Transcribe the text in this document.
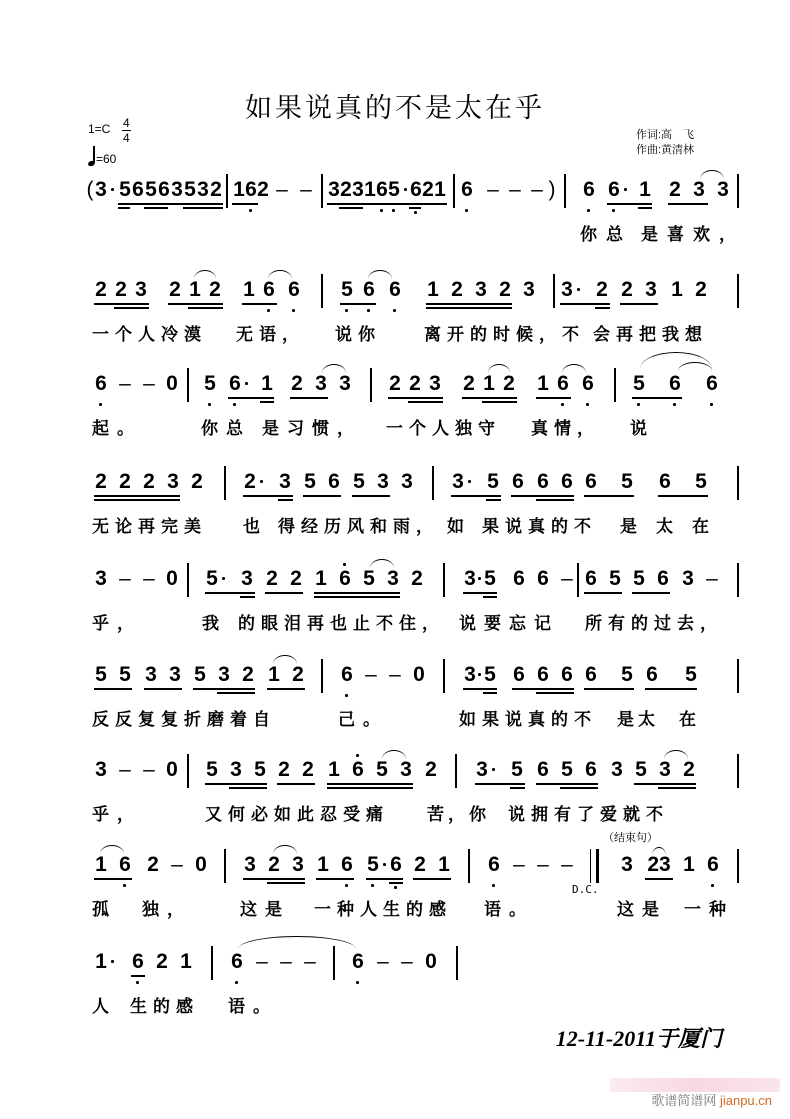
如果说真的不是太在乎
1=C 4
4
=60
作词:高　飞
作曲:黄清林
( 3 5 6 5 6 3 5 3 2 1 6 2 – – 3 2 3 1 6 5 6 2 1 6 – – – ) 6 6 1 2 3 3
你总 是喜欢，
2 2 3 2 1 2 1 6 6 5 6 6 1 2 3 2 3 3 2 2 3 1 2
一个人冷漠 无语， 说你	离开的时候，不 会再把我想
6 – – 0 5 6 1 2 3 3 2 2 3 2 1 2 1 6 6 5 6 6
起。	你总 是习惯， 一个人独守 真情， 说
2 2 2 3 2 2 3 5 6 5 3 3 3 5 6 6 6 6 5 6 5
无论再完美 也 得经历风和雨， 如 果说真的不 是 太 在
3 – – 0 5 3 2 2 1 6 5 3 2 3 5 6 6 – 6 5 5 6 3 –
乎，	我 的眼泪再也止不住， 说要忘记 所有的过去，
5 5 3 3 5 3 2 1 2 6 – – 0 3 5 6 6 6 6 5 6 5
反反复复折磨着自	己。	如果说真的不 是太 在
3 – – 0 5 3 5 2 2 1 6 5 3 2 3 5 6 5 6 3 5 3 2
乎，	又何必如此忍受痛 苦，你 说拥有了爱就不
（结束句）
1 6 2 – 0 3 2 3 1 6 5 6 2 1 6 – – – 3 23 1 6
D.C.
孤 独，	这是 一种人生的感 语。	这是 一种
1 6 2 1 6 – – – 6 – – 0
人 生的感 语。
12-11-2011于厦门
歌谱简谱网 jianpu.cn
